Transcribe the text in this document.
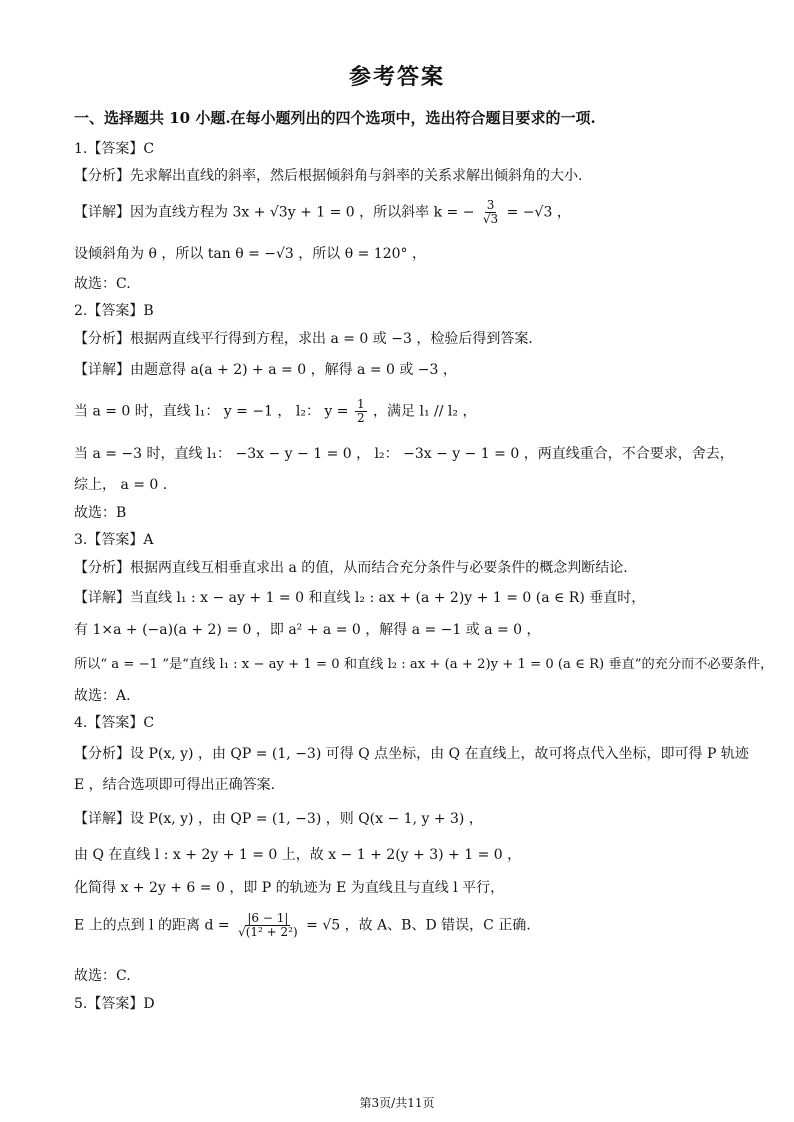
参考答案
一、选择题共 10 小题.在每小题列出的四个选项中，选出符合题目要求的一项.
1.【答案】C
【分析】先求解出直线的斜率，然后根据倾斜角与斜率的关系求解出倾斜角的大小.
【详解】因为直线方程为 3x + √3y + 1 = 0 ，所以斜率 k = − $\frac{3}{√3} = -√3$ ，
设倾斜角为 θ ，所以 tan θ = −√3 ，所以 θ = 120° ，
故选：C.
2.【答案】B
【分析】根据两直线平行得到方程，求出 a = 0 或 −3 ，检验后得到答案.
【详解】由题意得 a(a + 2) + a = 0 ，解得 a = 0 或 −3 ，
当 a = 0 时，直线 l₁： y = −1 ， l₂： $y = \frac{1}{2}$ ，满足 l₁ // l₂ ，
当 a = −3 时，直线 l₁： −3x − y − 1 = 0 ， l₂： −3x − y − 1 = 0 ，两直线重合，不合要求，舍去，
综上， a = 0 .
故选：B
3.【答案】A
【分析】根据两直线互相垂直求出 a 的值，从而结合充分条件与必要条件的概念判断结论.
【详解】当直线 l₁ : x − ay + 1 = 0 和直线 l₂ : ax + (a + 2)y + 1 = 0 (a ∈ R) 垂直时，
有 1×a + (−a)(a + 2) = 0 ，即 a² + a = 0 ，解得 a = −1 或 a = 0 ，
所以“ a = −1 ”是“直线 l₁ : x − ay + 1 = 0 和直线 l₂ : ax + (a + 2)y + 1 = 0 (a ∈ R) 垂直”的充分而不必要条件，
故选：A.
4.【答案】C
【分析】设 P(x, y) ，由 QP = (1, −3) 可得 Q 点坐标，由 Q 在直线上，故可将点代入坐标，即可得 P 轨迹
E ，结合选项即可得出正确答案.
【详解】设 P(x, y) ，由 QP = (1, −3) ，则 Q(x − 1, y + 3) ，
由 Q 在直线 l : x + 2y + 1 = 0 上，故 x − 1 + 2(y + 3) + 1 = 0 ，
化简得 x + 2y + 6 = 0 ，即 P 的轨迹为 E 为直线且与直线 l 平行，
E 上的点到 l 的距离 $d = \frac{|6 - 1|}{\text{√(1² + 2²)}} = √5$ ，故 A、B、D 错误，C 正确.
故选：C.
5.【答案】D
第3页/共11页
